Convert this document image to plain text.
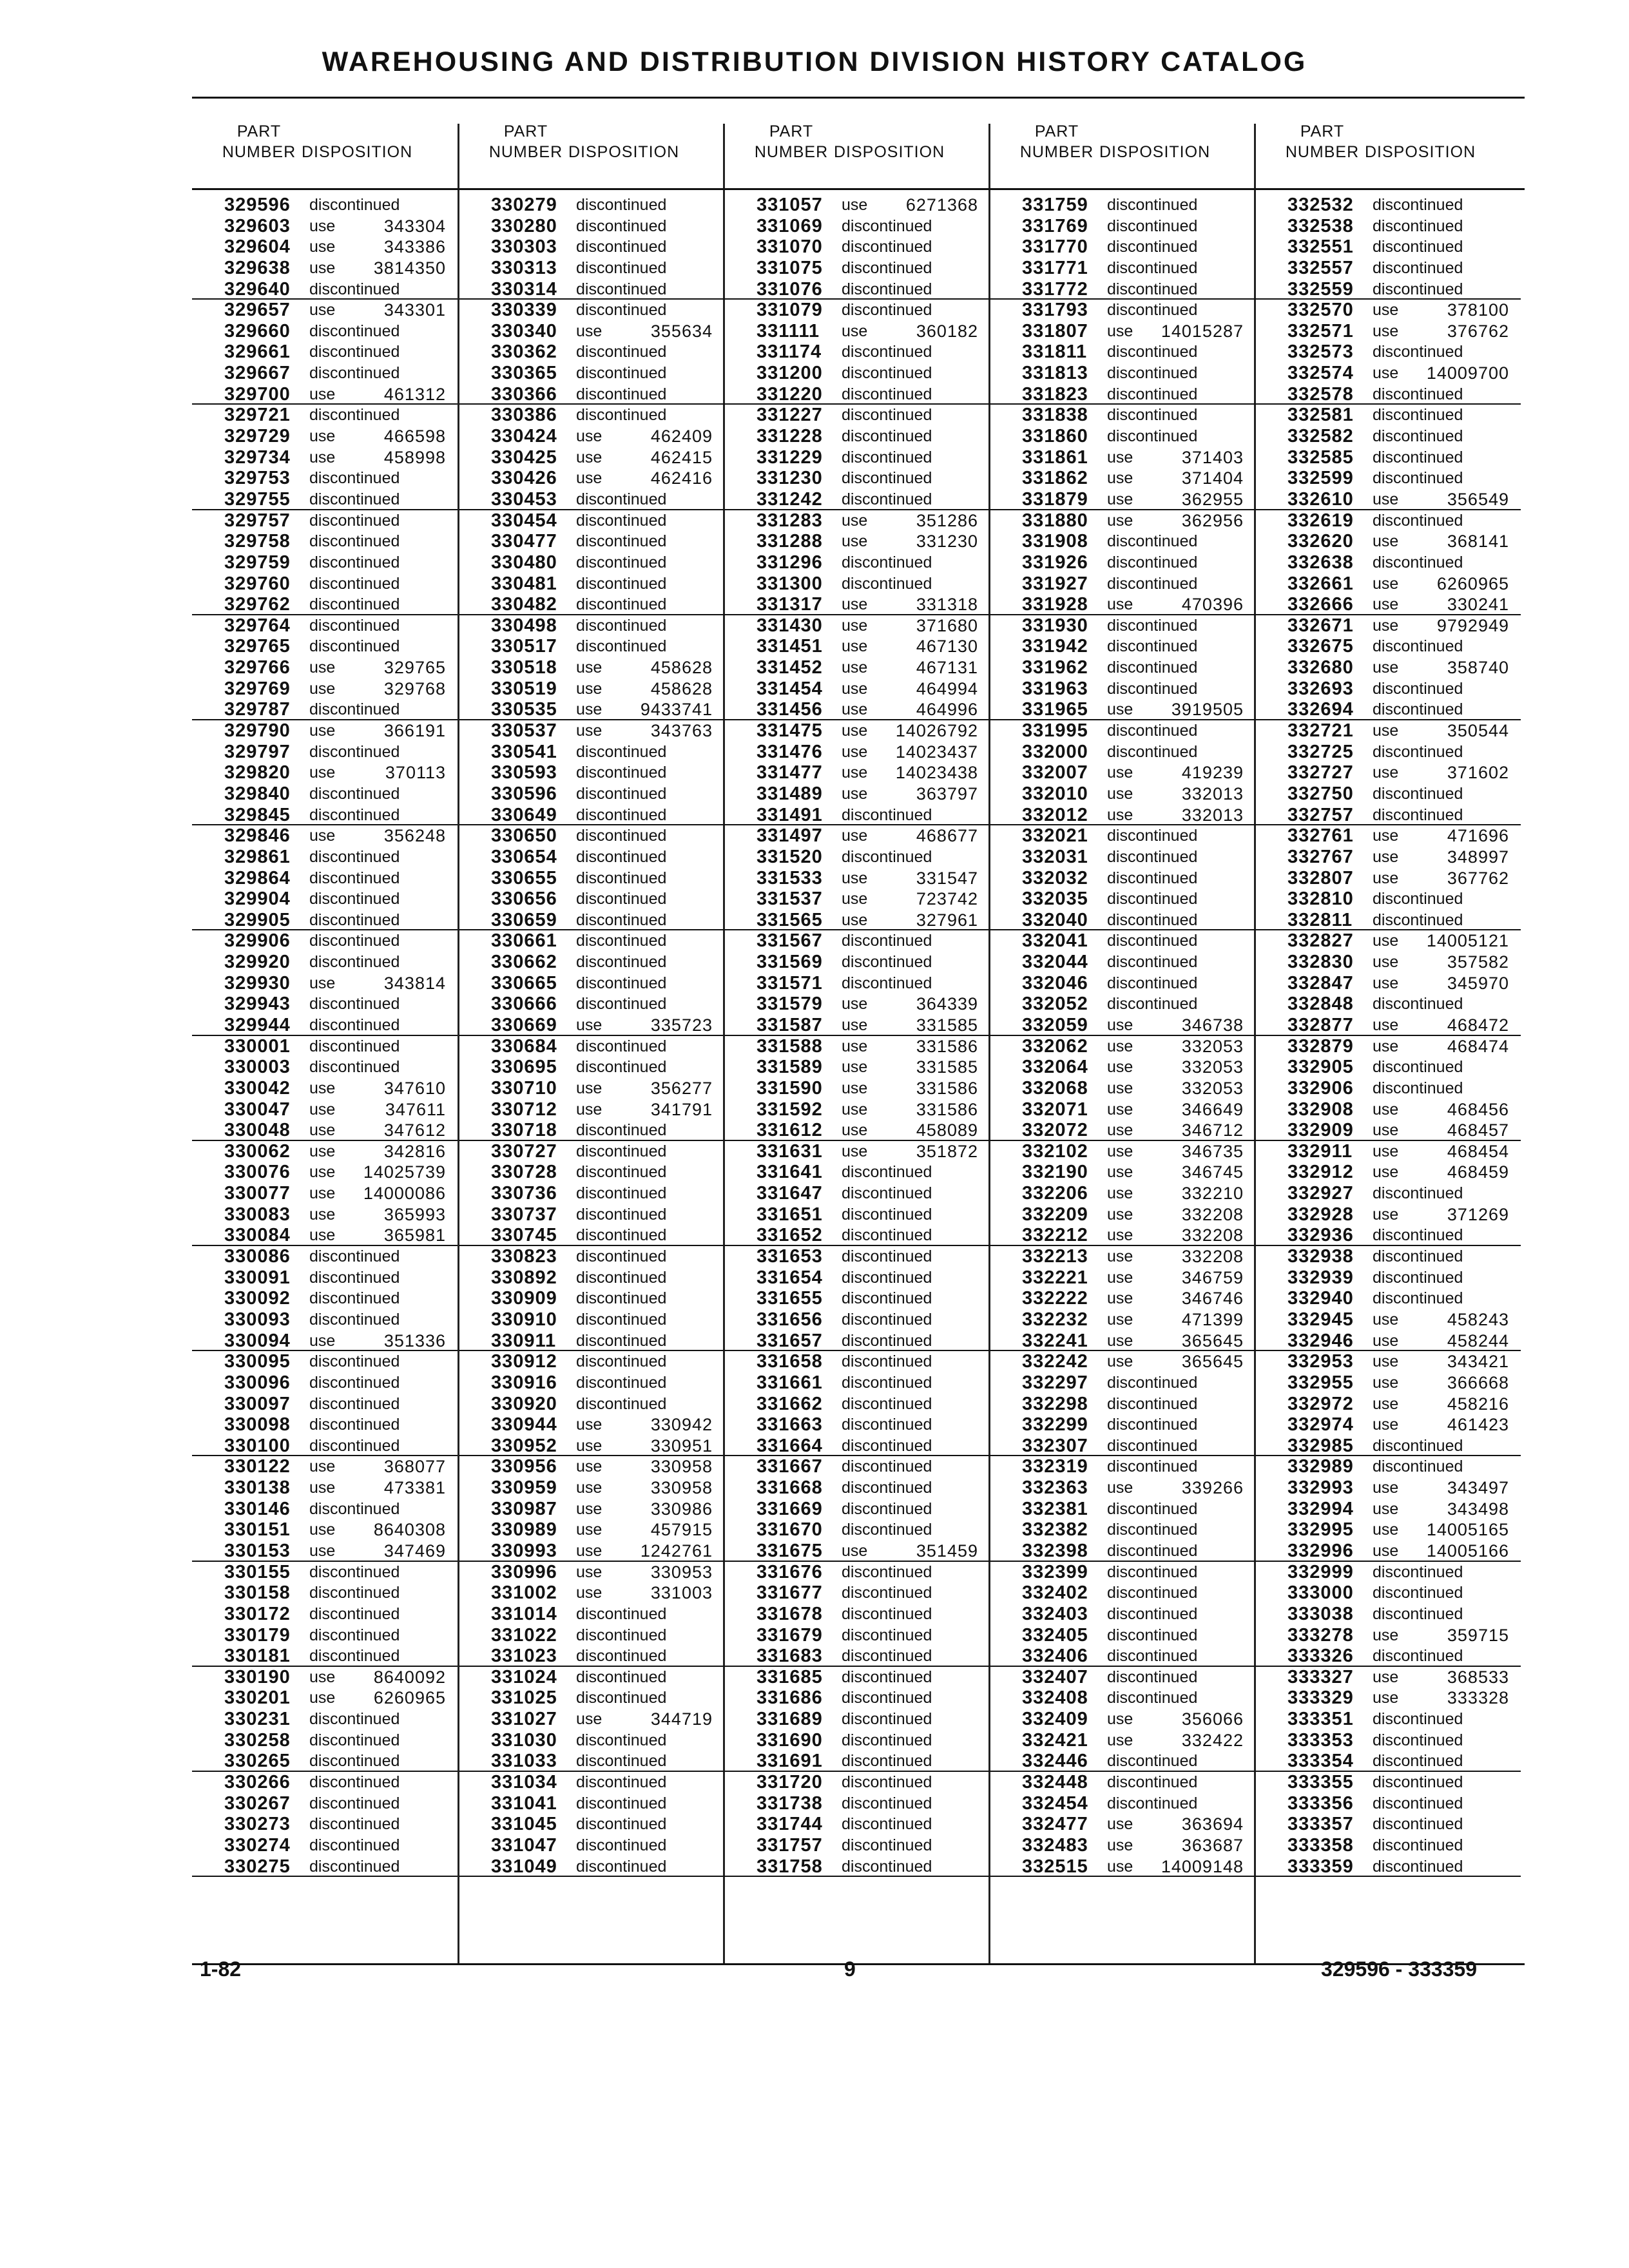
WAREHOUSING AND DISTRIBUTION DIVISION HISTORY CATALOG
PART
NUMBER DISPOSITION
PART
NUMBER DISPOSITION
PART
NUMBER DISPOSITION
PART
NUMBER DISPOSITION
PART
NUMBER DISPOSITION
329596 discontinued
329603 use	343304
329604 use	343386
329638 use 3814350
329640 discontinued
329657 use	343301
329660 discontinued
329661 discontinued
329667 discontinued
329700 use	461312
329721 discontinued
329729 use	466598
329734 use	458998
329753 discontinued
329755 discontinued
329757 discontinued
329758 discontinued
329759 discontinued
329760 discontinued
329762 discontinued
329764 discontinued
329765 discontinued
329766 use	329765
329769 use	329768
329787 discontinued
329790 use	366191
329797 discontinued
329820 use	370113
329840 discontinued
329845 discontinued
329846 use	356248
329861 discontinued
329864 discontinued
329904 discontinued
329905 discontinued
329906 discontinued
329920 discontinued
329930 use	343814
329943 discontinued
329944 discontinued
330001 discontinued
330003 discontinued
330042 use	347610
330047 use	347611
330048 use	347612
330062 use	342816
330076 use 14025739
330077 use 14000086
330083 use	365993
330084 use	365981
330086 discontinued
330091 discontinued
330092 discontinued
330093 discontinued
330094 use	351336
330095 discontinued
330096 discontinued
330097 discontinued
330098 discontinued
330100 discontinued
330122 use	368077
330138 use	473381
330146 discontinued
330151 use 8640308
330153 use	347469
330155 discontinued
330158 discontinued
330172 discontinued
330179 discontinued
330181 discontinued
330190 use 8640092
330201 use 6260965
330231 discontinued
330258 discontinued
330265 discontinued
330266 discontinued
330267 discontinued
330273 discontinued
330274 discontinued
330275 discontinued
330279 discontinued
330280 discontinued
330303 discontinued
330313 discontinued
330314 discontinued
330339 discontinued
330340 use	355634
330362 discontinued
330365 discontinued
330366 discontinued
330386 discontinued
330424 use	462409
330425 use	462415
330426 use	462416
330453 discontinued
330454 discontinued
330477 discontinued
330480 discontinued
330481 discontinued
330482 discontinued
330498 discontinued
330517 discontinued
330518 use	458628
330519 use	458628
330535 use 9433741
330537 use	343763
330541 discontinued
330593 discontinued
330596 discontinued
330649 discontinued
330650 discontinued
330654 discontinued
330655 discontinued
330656 discontinued
330659 discontinued
330661 discontinued
330662 discontinued
330665 discontinued
330666 discontinued
330669 use	335723
330684 discontinued
330695 discontinued
330710 use	356277
330712 use	341791
330718 discontinued
330727 discontinued
330728 discontinued
330736 discontinued
330737 discontinued
330745 discontinued
330823 discontinued
330892 discontinued
330909 discontinued
330910 discontinued
330911 discontinued
330912 discontinued
330916 discontinued
330920 discontinued
330944 use	330942
330952 use	330951
330956 use	330958
330959 use	330958
330987 use	330986
330989 use	457915
330993 use 1242761
330996 use	330953
331002 use	331003
331014 discontinued
331022 discontinued
331023 discontinued
331024 discontinued
331025 discontinued
331027 use	344719
331030 discontinued
331033 discontinued
331034 discontinued
331041 discontinued
331045 discontinued
331047 discontinued
331049 discontinued
331057 use 6271368
331069 discontinued
331070 discontinued
331075 discontinued
331076 discontinued
331079 discontinued
331111 use	360182
331174 discontinued
331200 discontinued
331220 discontinued
331227 discontinued
331228 discontinued
331229 discontinued
331230 discontinued
331242 discontinued
331283 use	351286
331288 use	331230
331296 discontinued
331300 discontinued
331317 use	331318
331430 use	371680
331451 use	467130
331452 use	467131
331454 use	464994
331456 use	464996
331475 use 14026792
331476 use 14023437
331477 use 14023438
331489 use	363797
331491 discontinued
331497 use	468677
331520 discontinued
331533 use	331547
331537 use	723742
331565 use	327961
331567 discontinued
331569 discontinued
331571 discontinued
331579 use	364339
331587 use	331585
331588 use	331586
331589 use	331585
331590 use	331586
331592 use	331586
331612 use	458089
331631 use	351872
331641 discontinued
331647 discontinued
331651 discontinued
331652 discontinued
331653 discontinued
331654 discontinued
331655 discontinued
331656 discontinued
331657 discontinued
331658 discontinued
331661 discontinued
331662 discontinued
331663 discontinued
331664 discontinued
331667 discontinued
331668 discontinued
331669 discontinued
331670 discontinued
331675 use	351459
331676 discontinued
331677 discontinued
331678 discontinued
331679 discontinued
331683 discontinued
331685 discontinued
331686 discontinued
331689 discontinued
331690 discontinued
331691 discontinued
331720 discontinued
331738 discontinued
331744 discontinued
331757 discontinued
331758 discontinued
331759 discontinued
331769 discontinued
331770 discontinued
331771 discontinued
331772 discontinued
331793 discontinued
331807 use 14015287
331811 discontinued
331813 discontinued
331823 discontinued
331838 discontinued
331860 discontinued
331861 use	371403
331862 use	371404
331879 use	362955
331880 use	362956
331908 discontinued
331926 discontinued
331927 discontinued
331928 use	470396
331930 discontinued
331942 discontinued
331962 discontinued
331963 discontinued
331965 use 3919505
331995 discontinued
332000 discontinued
332007 use	419239
332010 use	332013
332012 use	332013
332021 discontinued
332031 discontinued
332032 discontinued
332035 discontinued
332040 discontinued
332041 discontinued
332044 discontinued
332046 discontinued
332052 discontinued
332059 use	346738
332062 use	332053
332064 use	332053
332068 use	332053
332071 use	346649
332072 use	346712
332102 use	346735
332190 use	346745
332206 use	332210
332209 use	332208
332212 use	332208
332213 use	332208
332221 use	346759
332222 use	346746
332232 use	471399
332241 use	365645
332242 use	365645
332297 discontinued
332298 discontinued
332299 discontinued
332307 discontinued
332319 discontinued
332363 use	339266
332381 discontinued
332382 discontinued
332398 discontinued
332399 discontinued
332402 discontinued
332403 discontinued
332405 discontinued
332406 discontinued
332407 discontinued
332408 discontinued
332409 use	356066
332421 use	332422
332446 discontinued
332448 discontinued
332454 discontinued
332477 use	363694
332483 use	363687
332515 use 14009148
332532 discontinued
332538 discontinued
332551 discontinued
332557 discontinued
332559 discontinued
332570 use	378100
332571 use	376762
332573 discontinued
332574 use 14009700
332578 discontinued
332581 discontinued
332582 discontinued
332585 discontinued
332599 discontinued
332610 use	356549
332619 discontinued
332620 use	368141
332638 discontinued
332661 use 6260965
332666 use	330241
332671 use 9792949
332675 discontinued
332680 use	358740
332693 discontinued
332694 discontinued
332721 use	350544
332725 discontinued
332727 use	371602
332750 discontinued
332757 discontinued
332761 use	471696
332767 use	348997
332807 use	367762
332810 discontinued
332811 discontinued
332827 use 14005121
332830 use	357582
332847 use	345970
332848 discontinued
332877 use	468472
332879 use	468474
332905 discontinued
332906 discontinued
332908 use	468456
332909 use	468457
332911 use	468454
332912 use	468459
332927 discontinued
332928 use	371269
332936 discontinued
332938 discontinued
332939 discontinued
332940 discontinued
332945 use	458243
332946 use	458244
332953 use	343421
332955 use	366668
332972 use	458216
332974 use	461423
332985 discontinued
332989 discontinued
332993 use	343497
332994 use	343498
332995 use 14005165
332996 use 14005166
332999 discontinued
333000 discontinued
333038 discontinued
333278 use	359715
333326 discontinued
333327 use	368533
333329 use	333328
333351 discontinued
333353 discontinued
333354 discontinued
333355 discontinued
333356 discontinued
333357 discontinued
333358 discontinued
333359 discontinued
1-82	9	329596 - 333359
